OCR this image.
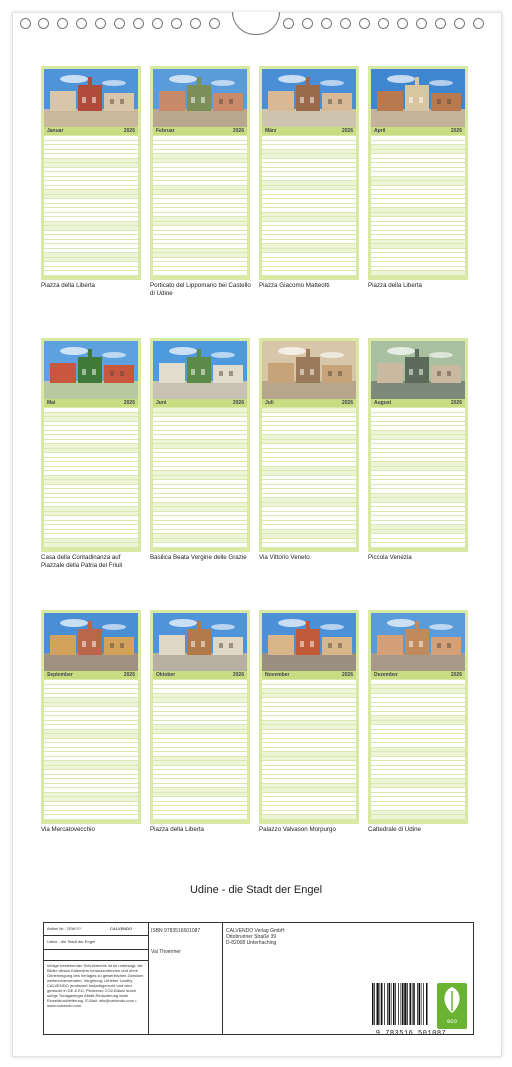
Januar	2026
Piazza della Liberta
Februar	2026
Porticato del Lippomano bei Castello di Udine
März	2026
Piazza Giacomo Matteotti
April	2026
Piazza della Liberta
Mai	2026
Casa della Contadinanza auf Piazzale della Patria del Friuli
Juni	2026
Basilica Beata Vergine delle Grazie
Juli	2026
Via Vittorio Veneto
August	2026
Piccola Venezia
September	2026
Via Mercatovecchio
Oktober	2026
Piazza della Liberta
November	2026
Palazzo Valvason Morpurgo
Dezember	2026
Cattedrale di Udine
Udine - die Stadt der Engel
Artikel Nr.: 2DW?/?	CALVENDO
Udine - die Stadt der Engel
Infolge bestehender Schutzrechte ist es untersagt, die Bilder dieses Kalenders herauszutrennen und ohne Genehmigung des Verlages zu gewerblichen Zwecken weiterzuverwenden. Vergütung: Urheber Lowthy CALVENDO produziert bedarfsgerecht und wird gedruckt in DE & EU. Pilotverso CO2-Bilanz durch sorlgs Tunaganleger Abfall-Reduzierung dank Einzeldrucklieferung. E-Mail: info@calvendo.com • www.calvendo.com
ISBN 9783516501087
Val Thoermer
CALVENDO Verlag GmbH
Ottobrunner Straße 39
D-82008 Unterhaching
9 783516 501087
eco
